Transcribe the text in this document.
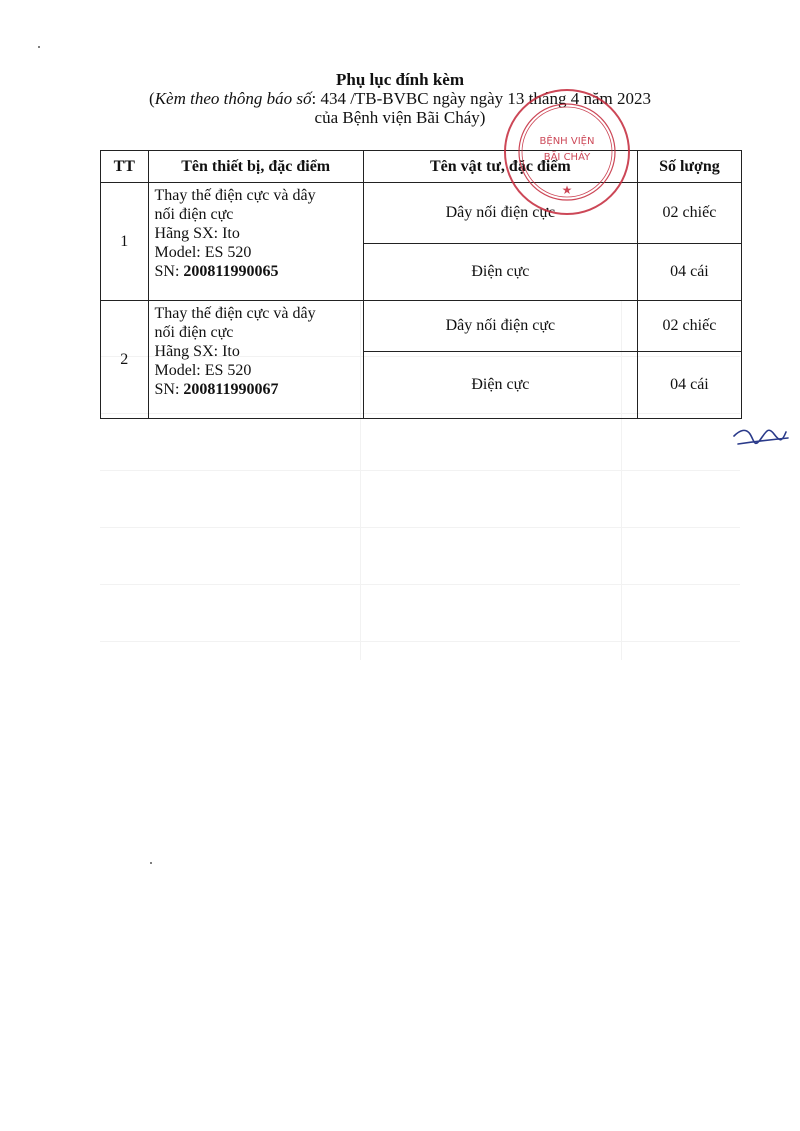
Phụ lục đính kèm
(Kèm theo thông báo số: 434 /TB-BVBC ngày ngày 13 tháng 4 năm 2023
của Bệnh viện Bãi Cháy)
TT	Tên thiết bị, đặc điểm	Tên vật tư, đặc điểm	Số lượng
1	Thay thế điện cực và dây
nối điện cực
Hãng SX: Ito
Model: ES 520
SN: 200811990065	Dây nối điện cực	02 chiếc
		Điện cực	04 cái
2	Thay thế điện cực và dây
nối điện cực
Hãng SX: Ito
Model: ES 520
SN: 200811990067	Dây nối điện cực	02 chiếc
		Điện cực	04 cái
BỆNH VIỆN
BÃI CHÁY
★
